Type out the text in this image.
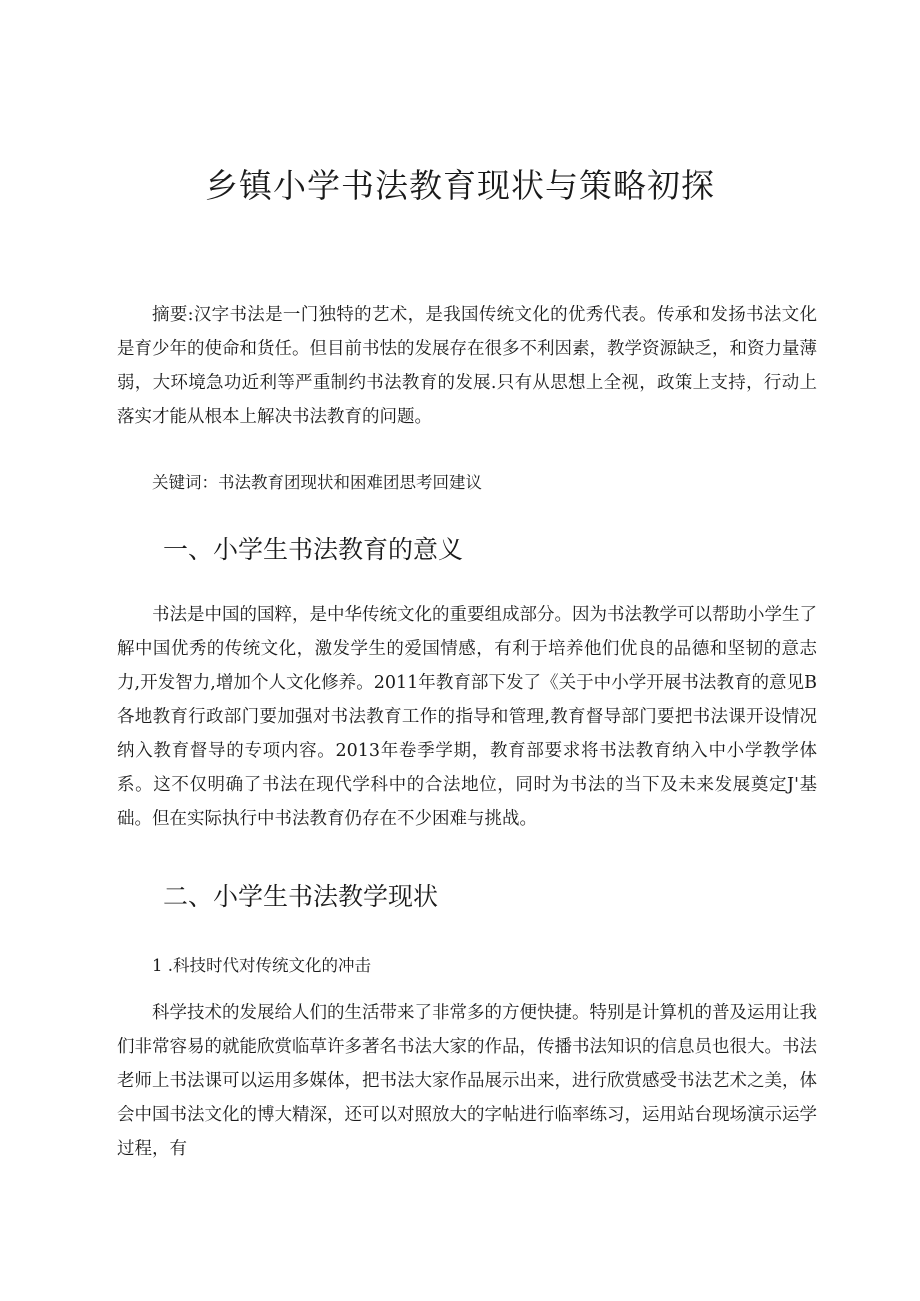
乡镇小学书法教育现状与策略初探

摘要:汉字书法是一门独特的艺术，是我国传统文化的优秀代表。传承和发扬书法文化是育少年的使命和货任。但目前书怯的发展存在很多不利因素，教学资源缺乏，和资力量薄弱，大环境急功近利等严重制约书法教育的发展.只有从思想上全视，政策上支持，行动上落实才能从根本上解决书法教育的问题。

关键词：书法教育团现状和困难团思考回建议

一、小学生书法教育的意义

书法是中国的国粹，是中华传统文化的重要组成部分。因为书法教学可以帮助小学生了解中国优秀的传统文化，激发学生的爱国情感，有利于培养他们优良的品德和坚韧的意志力,开发智力,增加个人文化修养。2011年教育部下发了《关于中小学开展书法教育的意见B各地教育行政部门要加强对书法教育工作的指导和管理,教育督导部门要把书法课开设情况纳入教育督导的专项内容。2013年卷季学期，教育部要求将书法教育纳入中小学教学体系。这不仅明确了书法在现代学科中的合法地位，同时为书法的当下及未来发展奠定J'基础。但在实际执行中书法教育仍存在不少困难与挑战。

二、小学生书法教学现状
1 .科技时代对传统文化的冲击

科学技术的发展给人们的生活带来了非常多的方便快捷。特别是计算机的普及运用让我们非常容易的就能欣赏临草许多著名书法大家的作品，传播书法知识的信息员也很大。书法老师上书法课可以运用多媒体，把书法大家作品展示出来，进行欣赏感受书法艺术之美，体会中国书法文化的博大精深，还可以对照放大的字帖进行临率练习，运用站台现场演示运学过程，有
